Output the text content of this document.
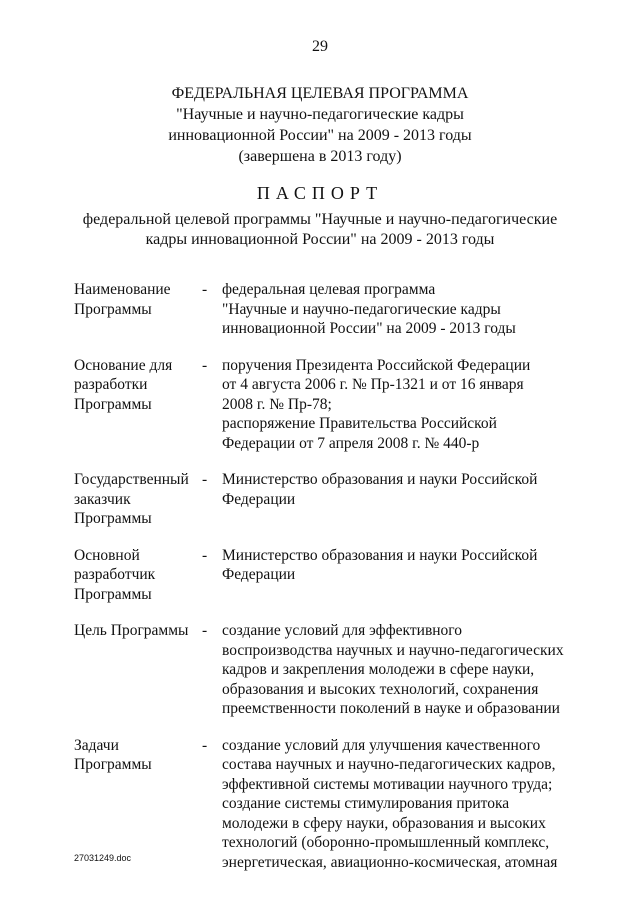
29
ФЕДЕРАЛЬНАЯ ЦЕЛЕВАЯ ПРОГРАММА
"Научные и научно-педагогические кадры
инновационной России" на 2009 - 2013 годы
(завершена в 2013 году)
ПАСПОРТ
федеральной целевой программы "Научные и научно-педагогические
кадры инновационной России" на 2009 - 2013 годы
Наименование
Программы
- федеральная целевая программа

"Научные и научно-педагогические кадры

инновационной России" на 2009 - 2013 годы

Основание для
разработки
Программы
- поручения Президента Российской Федерации

от 4 августа 2006 г. № Пр-1321 и от 16 января

2008 г. № Пр-78;

распоряжение Правительства Российской

Федерации от 7 апреля 2008 г. № 440-р

Государственный
заказчик
Программы
- Министерство образования и науки Российской

Федерации

Основной
разработчик
Программы
- Министерство образования и науки Российской

Федерации

Цель Программы - создание условий для эффективного

воспроизводства научных и научно-педагогических

кадров и закрепления молодежи в сфере науки,

образования и высоких технологий, сохранения

преемственности поколений в науке и образовании

Задачи
Программы
- создание условий для улучшения качественного

состава научных и научно-педагогических кадров,

эффективной системы мотивации научного труда;

создание системы стимулирования притока

молодежи в сферу науки, образования и высоких

технологий (оборонно-промышленный комплекс,

энергетическая, авиационно-космическая, атомная

27031249.doc
